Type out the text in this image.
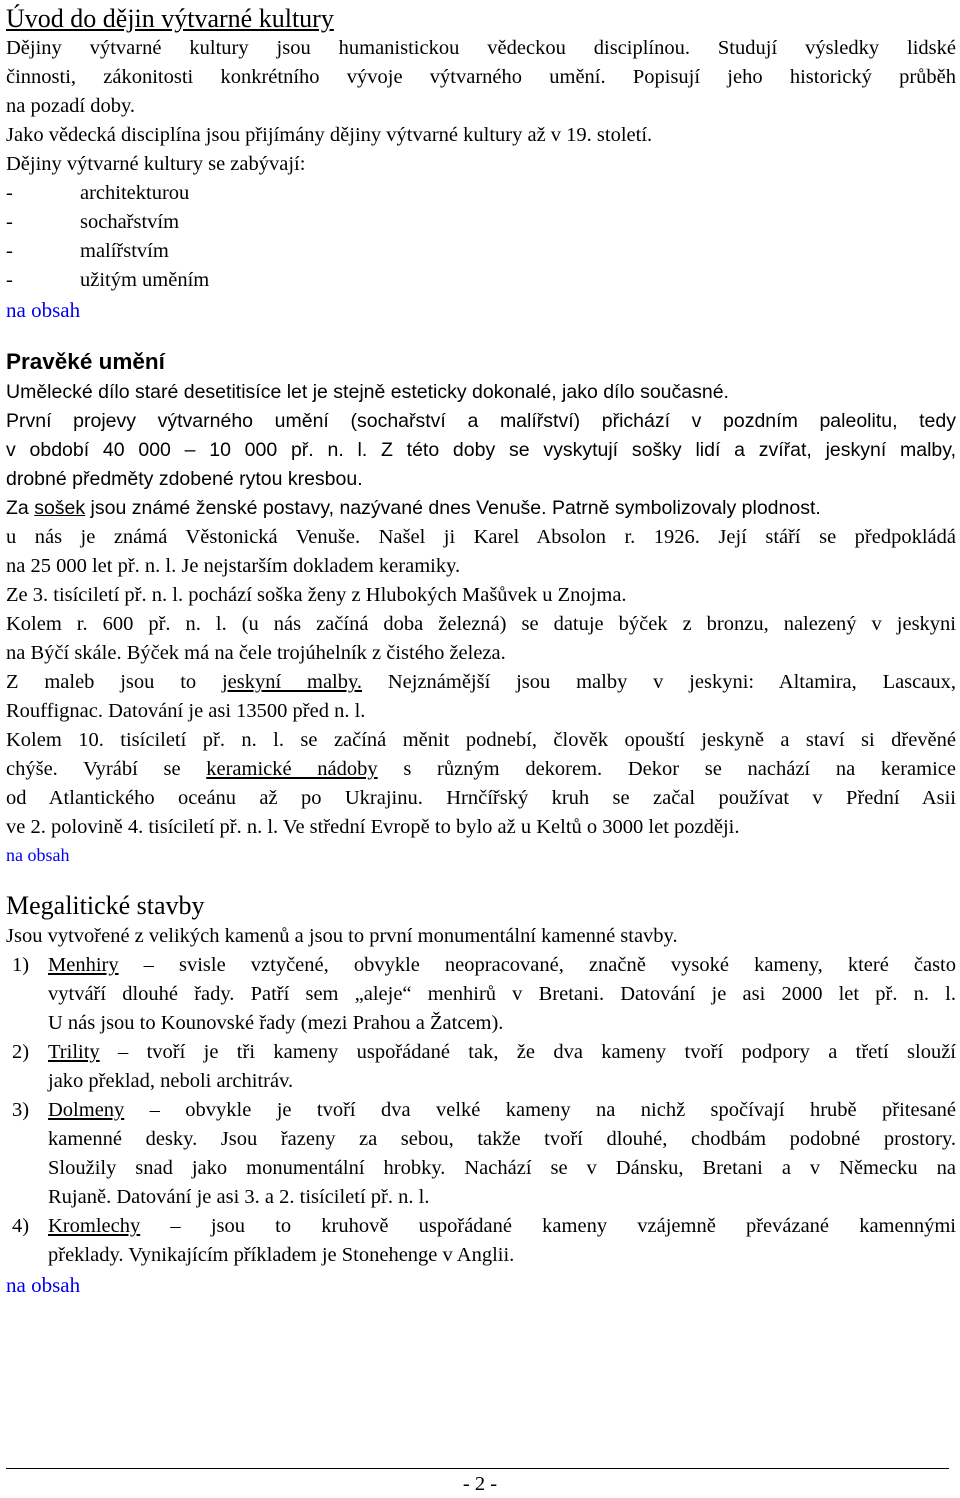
Úvod do dějin výtvarné kultury

Dějiny výtvarné kultury jsou humanistickou vědeckou disciplínou. Studují výsledky lidské

činnosti, zákonitosti konkrétního vývoje výtvarného umění. Popisují jeho historický průběh

na pozadí doby.

Jako vědecká disciplína jsou přijímány dějiny výtvarné kultury až v 19. století.

Dějiny výtvarné kultury se zabývají:

-	architekturou
-	sochařstvím
-	malířstvím
-	užitým uměním
na obsah
Pravěké umění

Umělecké dílo staré desetitisíce let je stejně esteticky dokonalé, jako dílo současné.

První projevy výtvarného umění (sochařství a malířství) přichází v pozdním paleolitu, tedy

v období 40 000 – 10 000 př. n. l. Z této doby se vyskytují sošky lidí a zvířat, jeskyní malby,

drobné předměty zdobené rytou kresbou.

Za sošek jsou známé ženské postavy, nazývané dnes Venuše. Patrně symbolizovaly plodnost.

u nás je známá Věstonická Venuše. Našel ji Karel Absolon r. 1926. Její stáří se předpokládá

na 25 000 let př. n. l. Je nejstarším dokladem keramiky.

Ze 3. tisíciletí př. n. l. pochází soška ženy z Hlubokých Mašůvek u Znojma.

Kolem r. 600 př. n. l. (u nás začíná doba železná) se datuje býček z bronzu, nalezený v jeskyni

na Býčí skále. Býček má na čele trojúhelník z čistého železa.

Z maleb jsou to jeskyní malby. Nejznámější jsou malby v jeskyni: Altamira, Lascaux,

Rouffignac. Datování je asi 13500 před n. l.

Kolem 10. tisíciletí př. n. l. se začíná měnit podnebí, člověk opouští jeskyně a staví si dřevěné

chýše. Vyrábí se keramické nádoby s různým dekorem. Dekor se nachází na keramice

od Atlantického oceánu až po Ukrajinu. Hrnčířský kruh se začal používat v Přední Asii

ve 2. polovině 4. tisíciletí př. n. l. Ve střední Evropě to bylo až u Keltů o 3000 let později.

na obsah
Megalitické stavby

Jsou vytvořené z velikých kamenů a jsou to první monumentální kamenné stavby.

1) Menhiry – svisle vztyčené, obvykle neopracované, značně vysoké kameny, které často
vytváří dlouhé řady. Patří sem „aleje“ menhirů v Bretani. Datování je asi 2000 let př. n. l.
U nás jsou to Kounovské řady (mezi Prahou a Žatcem).
2) Trility – tvoří je tři kameny uspořádané tak, že dva kameny tvoří podpory a třetí slouží
jako překlad, neboli architráv.
3) Dolmeny – obvykle je tvoří dva velké kameny na nichž spočívají hrubě přitesané
kamenné desky. Jsou řazeny za sebou, takže tvoří dlouhé, chodbám podobné prostory.
Sloužily snad jako monumentální hrobky. Nachází se v Dánsku, Bretani a v Německu na
Rujaně. Datování je asi 3. a 2. tisíciletí př. n. l.
4) Kromlechy – jsou to kruhově uspořádané kameny vzájemně převázané kamennými
překlady. Vynikajícím příkladem je Stonehenge v Anglii.
na obsah
- 2 -
